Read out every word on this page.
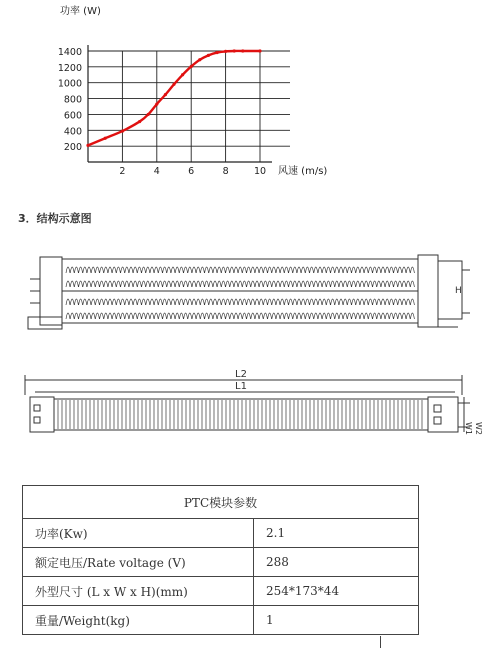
功率 (W)
200
400
600
800
1000
1200
1400
2	4	6	8	10 风速 (m/s)
3．结构示意图
H
L2
L1
W1 W2
PTC模块参数	
功率(Kw)	2.1
额定电压/Rate voltage (V)	288
外型尺寸 (L x W x H)(mm)	254*173*44
重量/Weight(kg)	1
